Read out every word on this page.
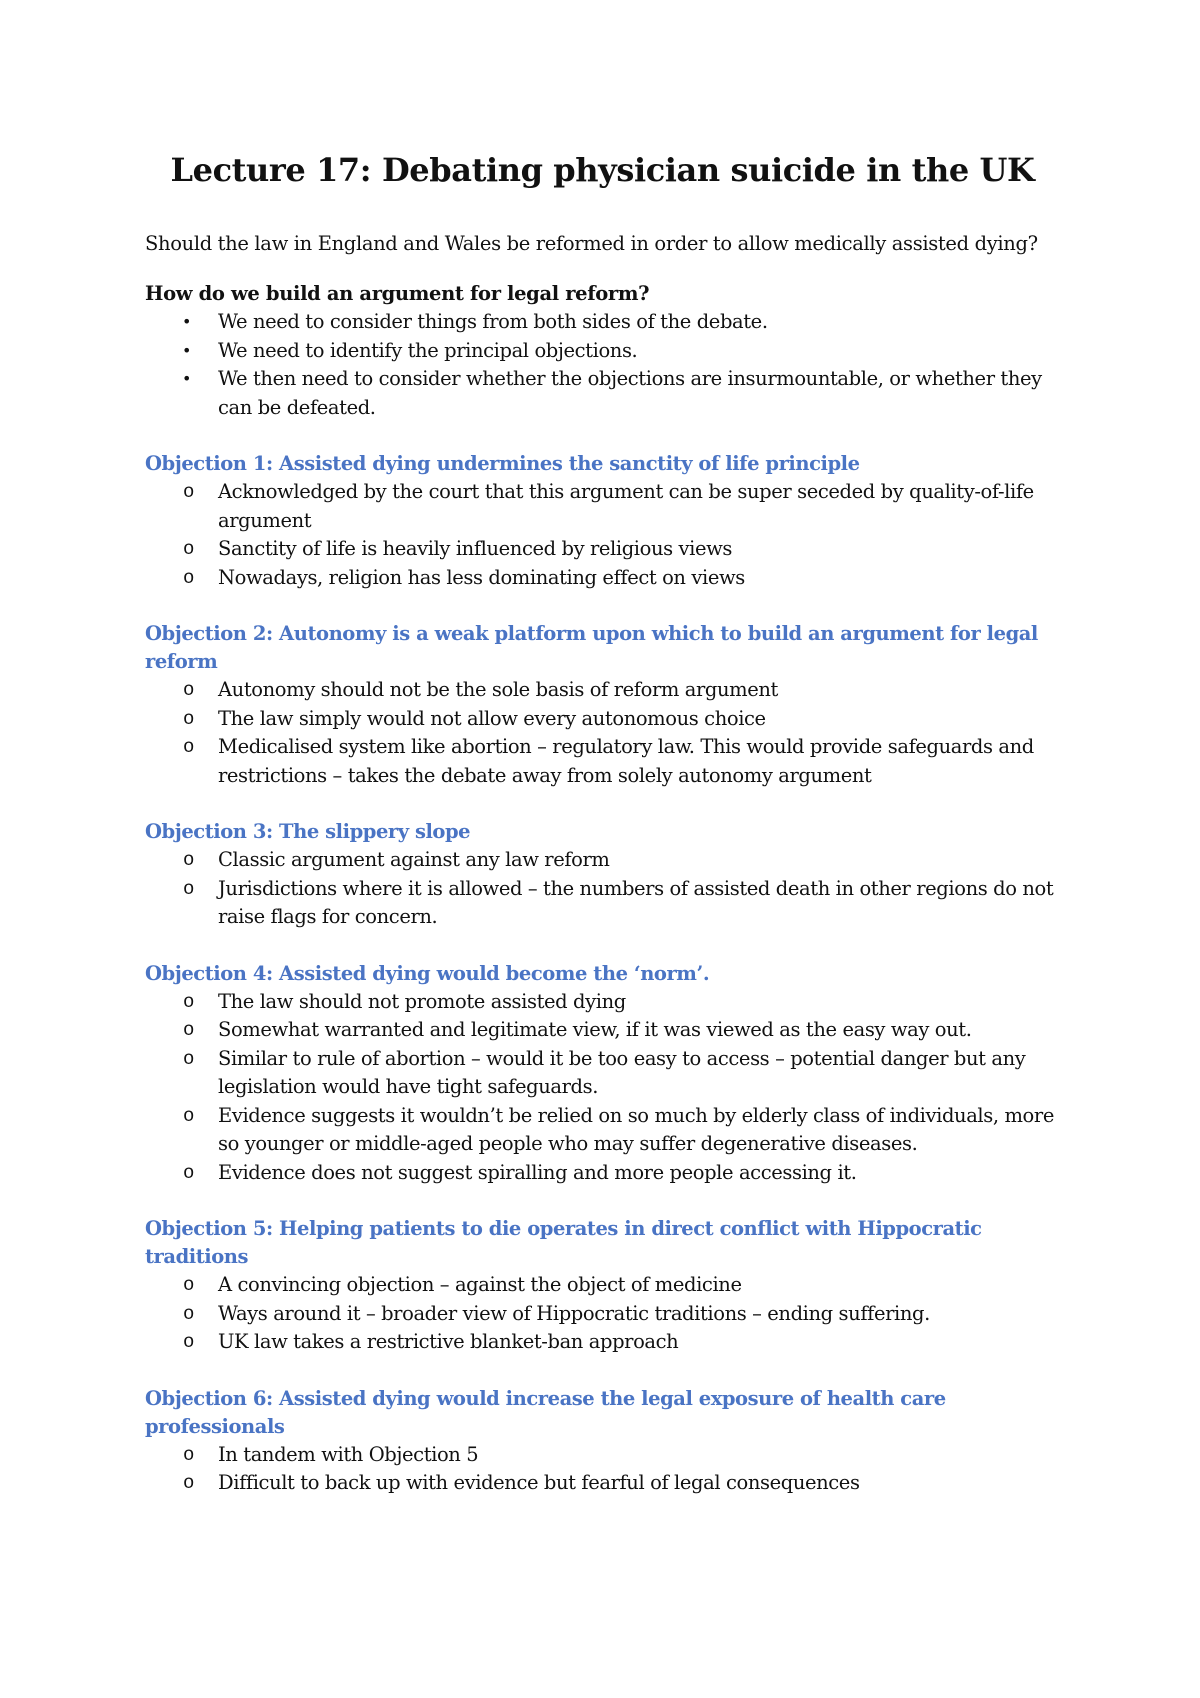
Lecture 17: Debating physician suicide in the UK

Should the law in England and Wales be reformed in order to allow medically assisted dying?

How do we build an argument for legal reform?

• We need to consider things from both sides of the debate.
• We need to identify the principal objections.
• We then need to consider whether the objections are insurmountable, or whether they can be defeated.

Objection 1: Assisted dying undermines the sanctity of life principle

o Acknowledged by the court that this argument can be super seceded by quality-of-life argument
o Sanctity of life is heavily influenced by religious views
o Nowadays, religion has less dominating effect on views

Objection 2: Autonomy is a weak platform upon which to build an argument for legal reform

o Autonomy should not be the sole basis of reform argument
o The law simply would not allow every autonomous choice
o Medicalised system like abortion – regulatory law. This would provide safeguards and restrictions – takes the debate away from solely autonomy argument

Objection 3: The slippery slope

o Classic argument against any law reform
o Jurisdictions where it is allowed – the numbers of assisted death in other regions do not raise flags for concern.

Objection 4: Assisted dying would become the ‘norm’.

o The law should not promote assisted dying
o Somewhat warranted and legitimate view, if it was viewed as the easy way out.
o Similar to rule of abortion – would it be too easy to access – potential danger but any legislation would have tight safeguards.
o Evidence suggests it wouldn’t be relied on so much by elderly class of individuals, more so younger or middle-aged people who may suffer degenerative diseases.
o Evidence does not suggest spiralling and more people accessing it.

Objection 5: Helping patients to die operates in direct conflict with Hippocratic traditions

o A convincing objection – against the object of medicine
o Ways around it – broader view of Hippocratic traditions – ending suffering.
o UK law takes a restrictive blanket-ban approach

Objection 6: Assisted dying would increase the legal exposure of health care professionals

o In tandem with Objection 5
o Difficult to back up with evidence but fearful of legal consequences
